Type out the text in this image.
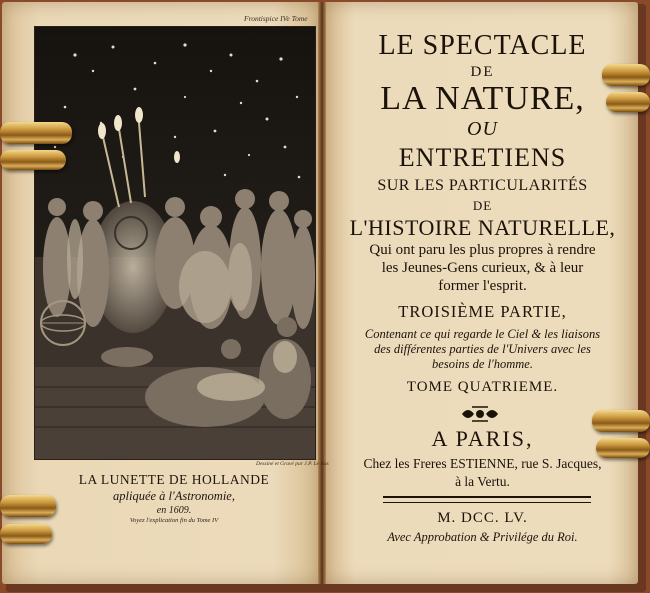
Frontispice IVe Tome
Dessiné et Gravé par J.P. Le Bas
LA LUNETTE DE HOLLANDE
apliquée à l'Astronomie,
en 1609.
Voyez l'explication fin du Tome IV
LE SPECTACLE
DE
LA NATURE,
OU
ENTRETIENS
SUR LES PARTICULARITÉS
DE
L'HISTOIRE NATURELLE,
Qui ont paru les plus propres à rendre
les Jeunes-Gens curieux, & à leur
former l'esprit.
TROISIÈME PARTIE,
Contenant ce qui regarde le Ciel & les liaisons
des différentes parties de l'Univers avec les
besoins de l'homme.
TOME QUATRIEME.
A PARIS,
Chez les Freres ESTIENNE, rue S. Jacques,
à la Vertu.
M. DCC. LV.
Avec Approbation & Privilége du Roi.
